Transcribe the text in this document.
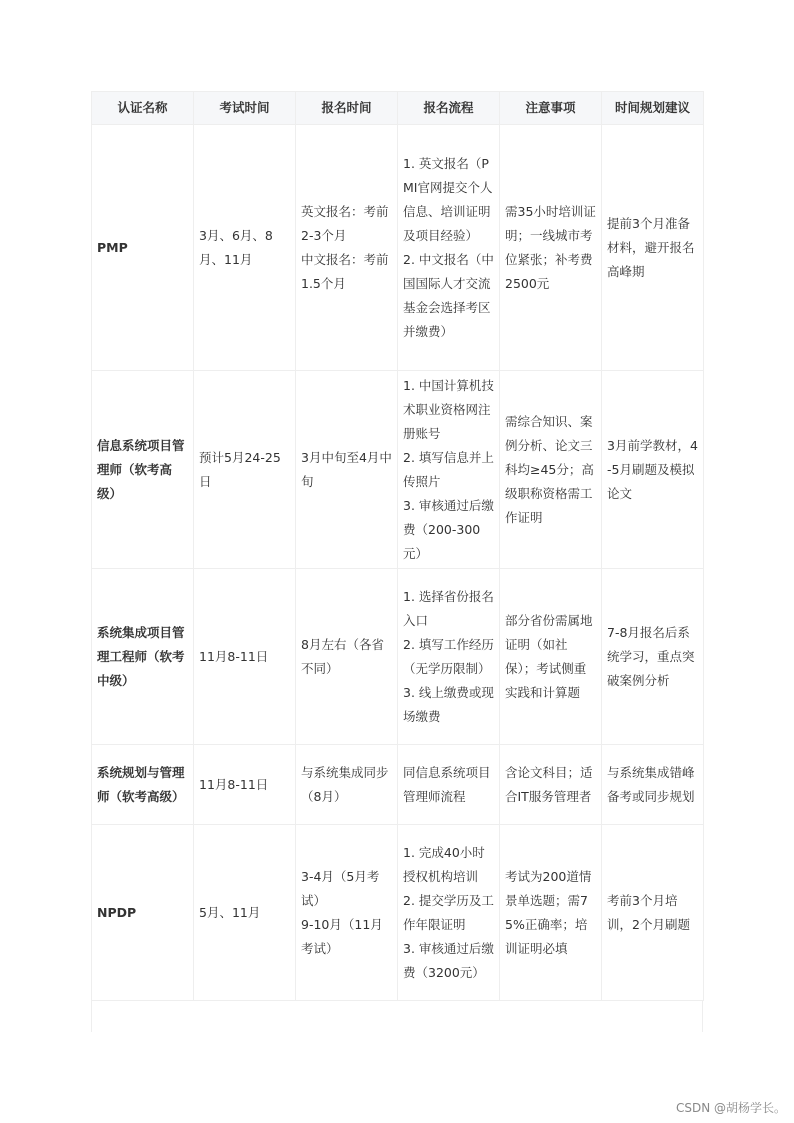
认证名称	考试时间	报名时间	报名流程	注意事项	时间规划建议
PMP	3月、6月、8月、11月	英文报名：考前2-3个月
中文报名：考前1.5个月	1. 英文报名（PMI官网提交个人信息、培训证明及项目经验）
2. 中文报名（中国国际人才交流基金会选择考区并缴费）	需35小时培训证明；一线城市考位紧张；补考费2500元	提前3个月准备材料，避开报名高峰期

信息系统项目管理师（软考高级）	预计5月24-25日	3月中旬至4月中旬	1. 中国计算机技术职业资格网注册账号
2. 填写信息并上传照片
3. 审核通过后缴费（200-300元）	需综合知识、案例分析、论文三科均≥45分；高级职称资格需工作证明	3月前学教材，4-5月刷题及模拟论文

系统集成项目管理工程师（软考中级）	11月8-11日	8月左右（各省不同）	1. 选择省份报名入口
2. 填写工作经历（无学历限制）
3. 线上缴费或现场缴费	部分省份需属地证明（如社保）；考试侧重实践和计算题	7-8月报名后系统学习，重点突破案例分析

系统规划与管理师（软考高级）	11月8-11日	与系统集成同步（8月）	同信息系统项目管理师流程	含论文科目；适合IT服务管理者	与系统集成错峰备考或同步规划

NPDP	5月、11月	3-4月（5月考试）
9-10月（11月考试）	1. 完成40小时授权机构培训
2. 提交学历及工作年限证明
3. 审核通过后缴费（3200元）	考试为200道情景单选题；需75%正确率；培训证明必填	考前3个月培训，2个月刷题
CSDN @胡杨学长。
